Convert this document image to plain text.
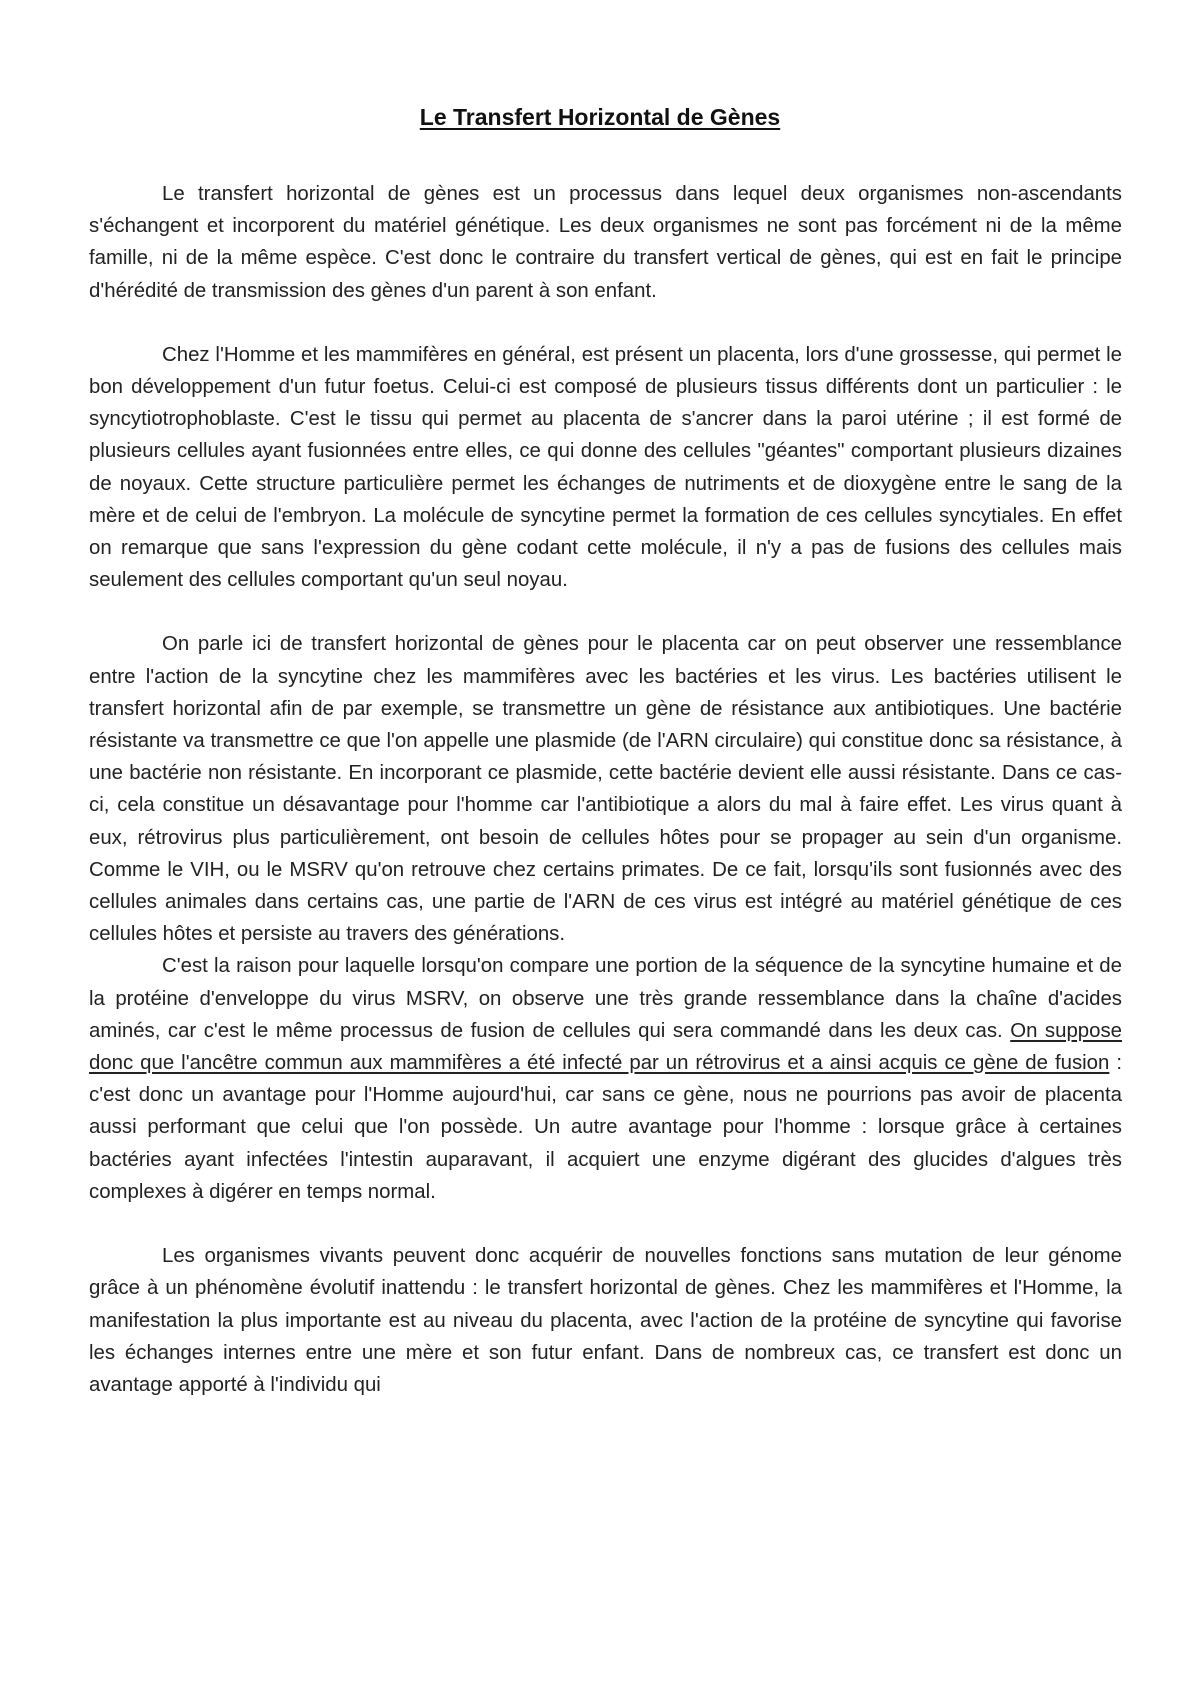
Le Transfert Horizontal de Gènes

Le transfert horizontal de gènes est un processus dans lequel deux organismes non-ascendants s'échangent et incorporent du matériel génétique. Les deux organismes ne sont pas forcément ni de la même famille, ni de la même espèce. C'est donc le contraire du transfert vertical de gènes, qui est en fait le principe d'hérédité de transmission des gènes d'un parent à son enfant.

Chez l'Homme et les mammifères en général, est présent un placenta, lors d'une grossesse, qui permet le bon développement d'un futur foetus. Celui-ci est composé de plusieurs tissus différents dont un particulier : le syncytiotrophoblaste. C'est le tissu qui permet au placenta de s'ancrer dans la paroi utérine ; il est formé de plusieurs cellules ayant fusionnées entre elles, ce qui donne des cellules "géantes" comportant plusieurs dizaines de noyaux. Cette structure particulière permet les échanges de nutriments et de dioxygène entre le sang de la mère et de celui de l'embryon. La molécule de syncytine permet la formation de ces cellules syncytiales. En effet on remarque que sans l'expression du gène codant cette molécule, il n'y a pas de fusions des cellules mais seulement des cellules comportant qu'un seul noyau.

On parle ici de transfert horizontal de gènes pour le placenta car on peut observer une ressemblance entre l'action de la syncytine chez les mammifères avec les bactéries et les virus. Les bactéries utilisent le transfert horizontal afin de par exemple, se transmettre un gène de résistance aux antibiotiques. Une bactérie résistante va transmettre ce que l'on appelle une plasmide (de l'ARN circulaire) qui constitue donc sa résistance, à une bactérie non résistante. En incorporant ce plasmide, cette bactérie devient elle aussi résistante. Dans ce cas-ci, cela constitue un désavantage pour l'homme car l'antibiotique a alors du mal à faire effet. Les virus quant à eux, rétrovirus plus particulièrement, ont besoin de cellules hôtes pour se propager au sein d'un organisme. Comme le VIH, ou le MSRV qu'on retrouve chez certains primates. De ce fait, lorsqu'ils sont fusionnés avec des cellules animales dans certains cas, une partie de l'ARN de ces virus est intégré au matériel génétique de ces cellules hôtes et persiste au travers des générations.

C'est la raison pour laquelle lorsqu'on compare une portion de la séquence de la syncytine humaine et de la protéine d'enveloppe du virus MSRV, on observe une très grande ressemblance dans la chaîne d'acides aminés, car c'est le même processus de fusion de cellules qui sera commandé dans les deux cas. On suppose donc que l'ancêtre commun aux mammifères a été infecté par un rétrovirus et a ainsi acquis ce gène de fusion : c'est donc un avantage pour l'Homme aujourd'hui, car sans ce gène, nous ne pourrions pas avoir de placenta aussi performant que celui que l'on possède. Un autre avantage pour l'homme : lorsque grâce à certaines bactéries ayant infectées l'intestin auparavant, il acquiert une enzyme digérant des glucides d'algues très complexes à digérer en temps normal.

Les organismes vivants peuvent donc acquérir de nouvelles fonctions sans mutation de leur génome grâce à un phénomène évolutif inattendu : le transfert horizontal de gènes. Chez les mammifères et l'Homme, la manifestation la plus importante est au niveau du placenta, avec l'action de la protéine de syncytine qui favorise les échanges internes entre une mère et son futur enfant. Dans de nombreux cas, ce transfert est donc un avantage apporté à l'individu qui
